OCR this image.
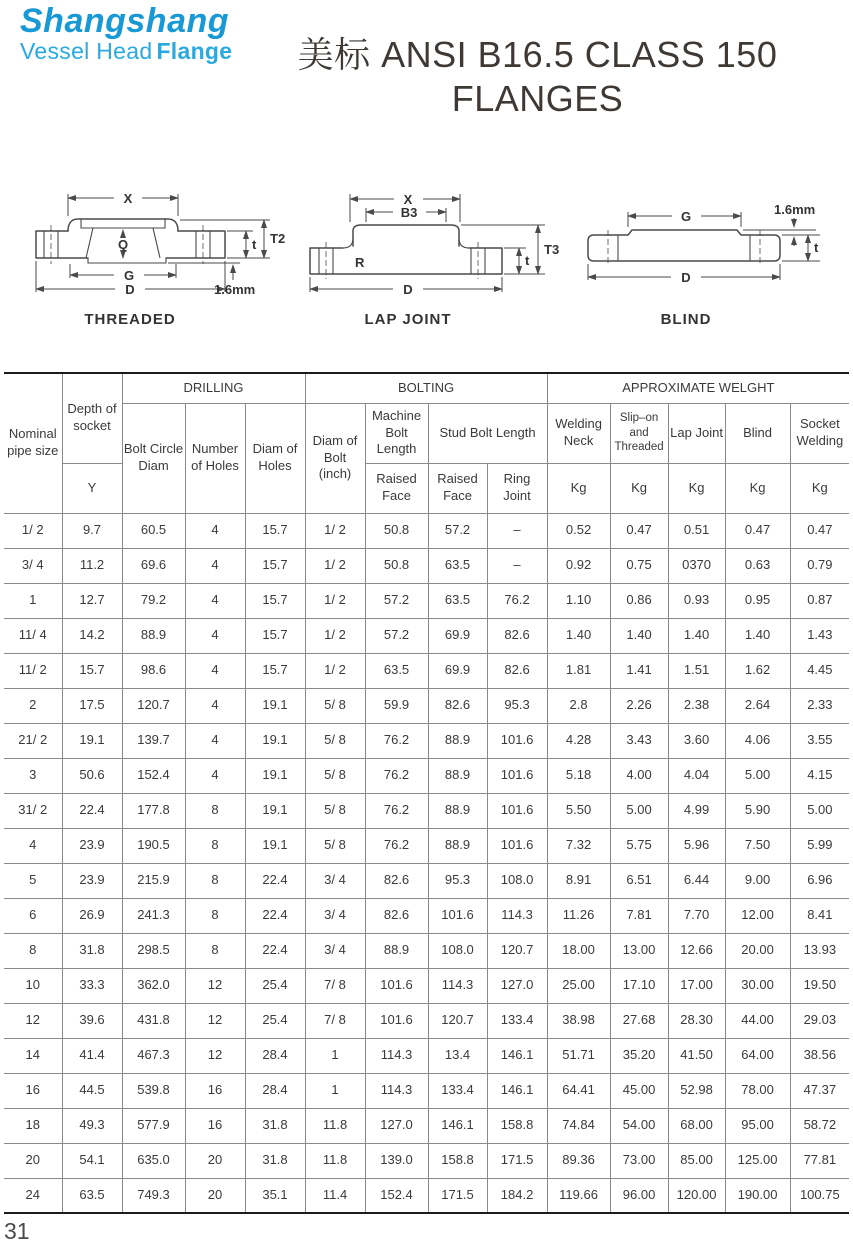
Shangshang
Vessel Head Flange	美标 ANSI B16.5 CLASS 150 FLANGES
X
Q
G
D
t T2
1.6mm
THREADED
R
X
B3
D
t
T3
LAP JOINT
G	1.6mm
t
D
BLIND
Nominal pipe size	Depth of socket	DRILLING			BOLTING				APPROXIMATE WELGHT				
		Bolt Circle Diam	Number of Holes	Diam of Holes	Diam of Bolt (inch)	Machine Bolt Length	Stud Bolt Length		Welding Neck	Slip–on and Threaded	Lap Joint	Blind	Socket Welding
	Y					Raised Face	Raised Face	Ring Joint	Kg	Kg	Kg	Kg	Kg
1/ 2	9.7	60.5	4	15.7	1/ 2	50.8	57.2	–	0.52	0.47	0.51	0.47	0.47
3/ 4	11.2	69.6	4	15.7	1/ 2	50.8	63.5	–	0.92	0.75	0370	0.63	0.79
1	12.7	79.2	4	15.7	1/ 2	57.2	63.5	76.2	1.10	0.86	0.93	0.95	0.87
11/ 4	14.2	88.9	4	15.7	1/ 2	57.2	69.9	82.6	1.40	1.40	1.40	1.40	1.43
11/ 2	15.7	98.6	4	15.7	1/ 2	63.5	69.9	82.6	1.81	1.41	1.51	1.62	4.45
2	17.5	120.7	4	19.1	5/ 8	59.9	82.6	95.3	2.8	2.26	2.38	2.64	2.33
21/ 2	19.1	139.7	4	19.1	5/ 8	76.2	88.9	101.6	4.28	3.43	3.60	4.06	3.55
3	50.6	152.4	4	19.1	5/ 8	76.2	88.9	101.6	5.18	4.00	4.04	5.00	4.15
31/ 2	22.4	177.8	8	19.1	5/ 8	76.2	88.9	101.6	5.50	5.00	4.99	5.90	5.00
4	23.9	190.5	8	19.1	5/ 8	76.2	88.9	101.6	7.32	5.75	5.96	7.50	5.99
5	23.9	215.9	8	22.4	3/ 4	82.6	95.3	108.0	8.91	6.51	6.44	9.00	6.96
6	26.9	241.3	8	22.4	3/ 4	82.6	101.6	114.3	11.26	7.81	7.70	12.00	8.41
8	31.8	298.5	8	22.4	3/ 4	88.9	108.0	120.7	18.00	13.00	12.66	20.00	13.93
10	33.3	362.0	12	25.4	7/ 8	101.6	114.3	127.0	25.00	17.10	17.00	30.00	19.50
12	39.6	431.8	12	25.4	7/ 8	101.6	120.7	133.4	38.98	27.68	28.30	44.00	29.03
14	41.4	467.3	12	28.4	1	114.3	13.4	146.1	51.71	35.20	41.50	64.00	38.56
16	44.5	539.8	16	28.4	1	114.3	133.4	146.1	64.41	45.00	52.98	78.00	47.37
18	49.3	577.9	16	31.8	11.8	127.0	146.1	158.8	74.84	54.00	68.00	95.00	58.72
20	54.1	635.0	20	31.8	11.8	139.0	158.8	171.5	89.36	73.00	85.00	125.00	77.81
24	63.5	749.3	20	35.1	11.4	152.4	171.5	184.2	119.66	96.00	120.00	190.00	100.75
31
